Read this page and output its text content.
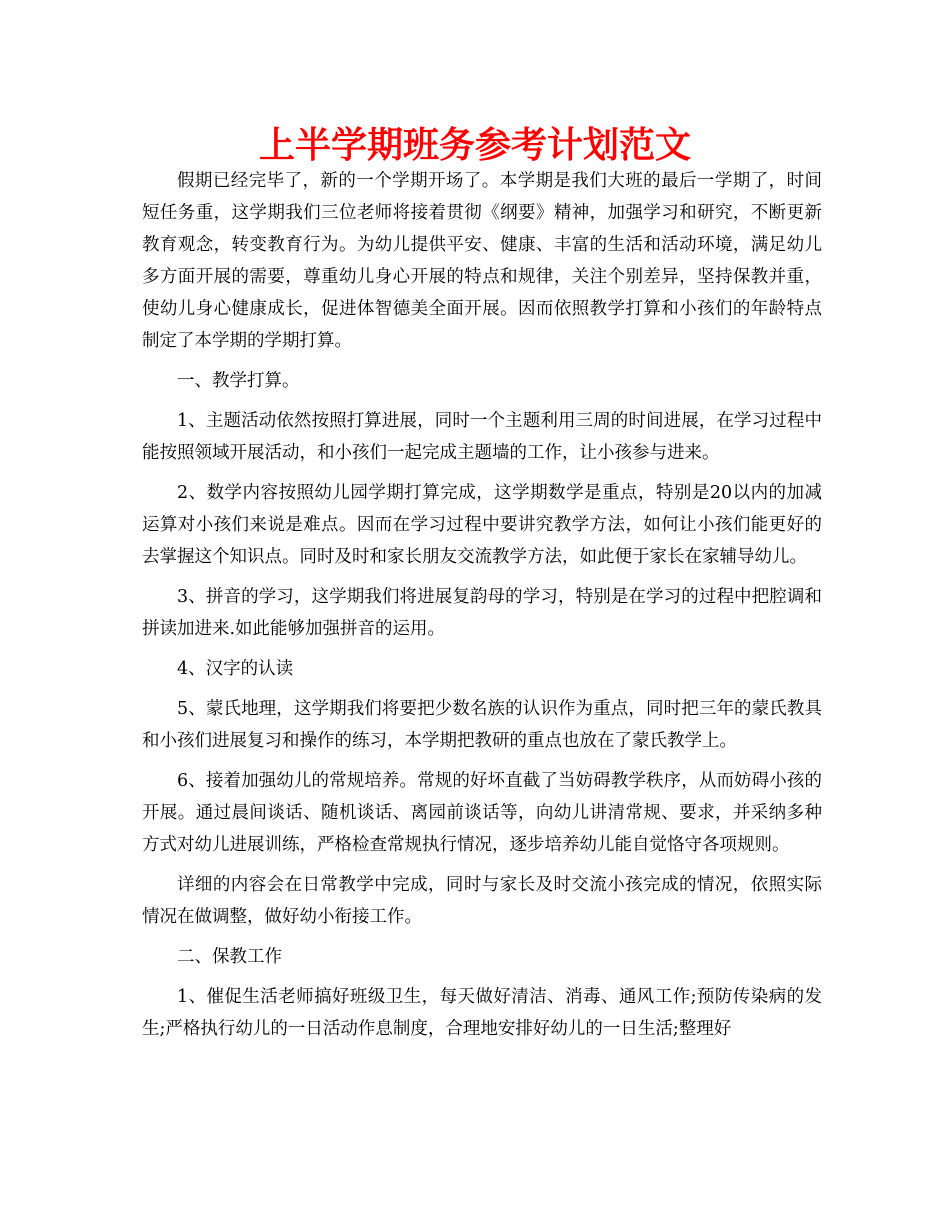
上半学期班务参考计划范文

假期已经完毕了，新的一个学期开场了。本学期是我们大班的最后一学期了，时间短任务重，这学期我们三位老师将接着贯彻《纲要》精神，加强学习和研究，不断更新教育观念，转变教育行为。为幼儿提供平安、健康、丰富的生活和活动环境，满足幼儿多方面开展的需要，尊重幼儿身心开展的特点和规律，关注个别差异，坚持保教并重，使幼儿身心健康成长，促进体智德美全面开展。因而依照教学打算和小孩们的年龄特点制定了本学期的学期打算。

一、教学打算。

1、主题活动依然按照打算进展，同时一个主题利用三周的时间进展，在学习过程中能按照领域开展活动，和小孩们一起完成主题墙的工作，让小孩参与进来。

2、数学内容按照幼儿园学期打算完成，这学期数学是重点，特别是20以内的加减运算对小孩们来说是难点。因而在学习过程中要讲究教学方法，如何让小孩们能更好的去掌握这个知识点。同时及时和家长朋友交流教学方法，如此便于家长在家辅导幼儿。

3、拼音的学习，这学期我们将进展复韵母的学习，特别是在学习的过程中把腔调和拼读加进来.如此能够加强拼音的运用。

4、汉字的认读

5、蒙氏地理，这学期我们将要把少数名族的认识作为重点，同时把三年的蒙氏教具和小孩们进展复习和操作的练习，本学期把教研的重点也放在了蒙氏教学上。

6、接着加强幼儿的常规培养。常规的好坏直截了当妨碍教学秩序，从而妨碍小孩的开展。通过晨间谈话、随机谈话、离园前谈话等，向幼儿讲清常规、要求，并采纳多种方式对幼儿进展训练，严格检查常规执行情况，逐步培养幼儿能自觉恪守各项规则。

详细的内容会在日常教学中完成，同时与家长及时交流小孩完成的情况，依照实际情况在做调整，做好幼小衔接工作。

二、保教工作

1、催促生活老师搞好班级卫生，每天做好清洁、消毒、通风工作;预防传染病的发生;严格执行幼儿的一日活动作息制度，合理地安排好幼儿的一日生活;整理好
